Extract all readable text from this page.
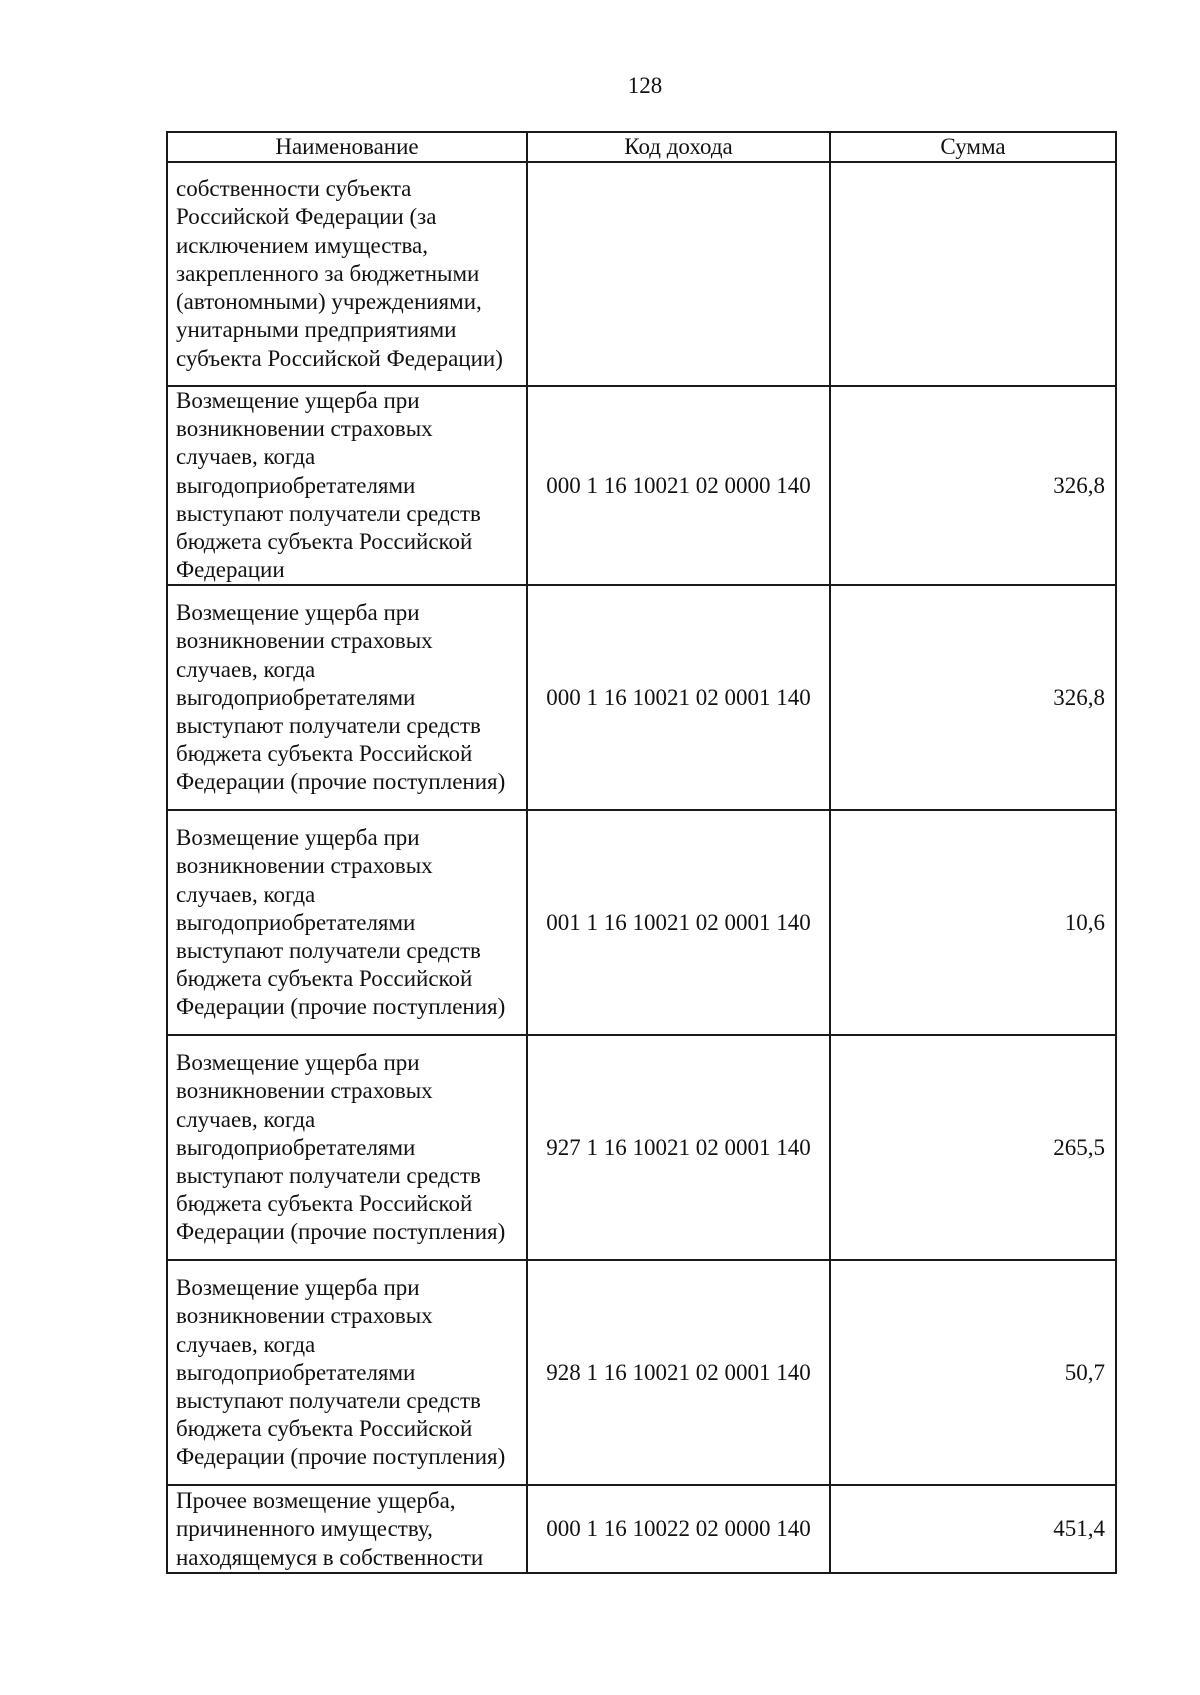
128
Наименование	Код дохода	Сумма
собственности субъекта Российской Федерации (за исключением имущества, закрепленного за бюджетными (автономными) учреждениями, унитарными предприятиями субъекта Российской Федерации)		
Возмещение ущерба при возникновении страховых случаев, когда выгодоприобретателями выступают получатели средств бюджета субъекта Российской Федерации	000 1 16 10021 02 0000 140	326,8
Возмещение ущерба при возникновении страховых случаев, когда выгодоприобретателями выступают получатели средств бюджета субъекта Российской Федерации (прочие поступления)	000 1 16 10021 02 0001 140	326,8
Возмещение ущерба при возникновении страховых случаев, когда выгодоприобретателями выступают получатели средств бюджета субъекта Российской Федерации (прочие поступления)	001 1 16 10021 02 0001 140	10,6
Возмещение ущерба при возникновении страховых случаев, когда выгодоприобретателями выступают получатели средств бюджета субъекта Российской Федерации (прочие поступления)	927 1 16 10021 02 0001 140	265,5
Возмещение ущерба при возникновении страховых случаев, когда выгодоприобретателями выступают получатели средств бюджета субъекта Российской Федерации (прочие поступления)	928 1 16 10021 02 0001 140	50,7
Прочее возмещение ущерба, причиненного имуществу, находящемуся в собственности	000 1 16 10022 02 0000 140	451,4
